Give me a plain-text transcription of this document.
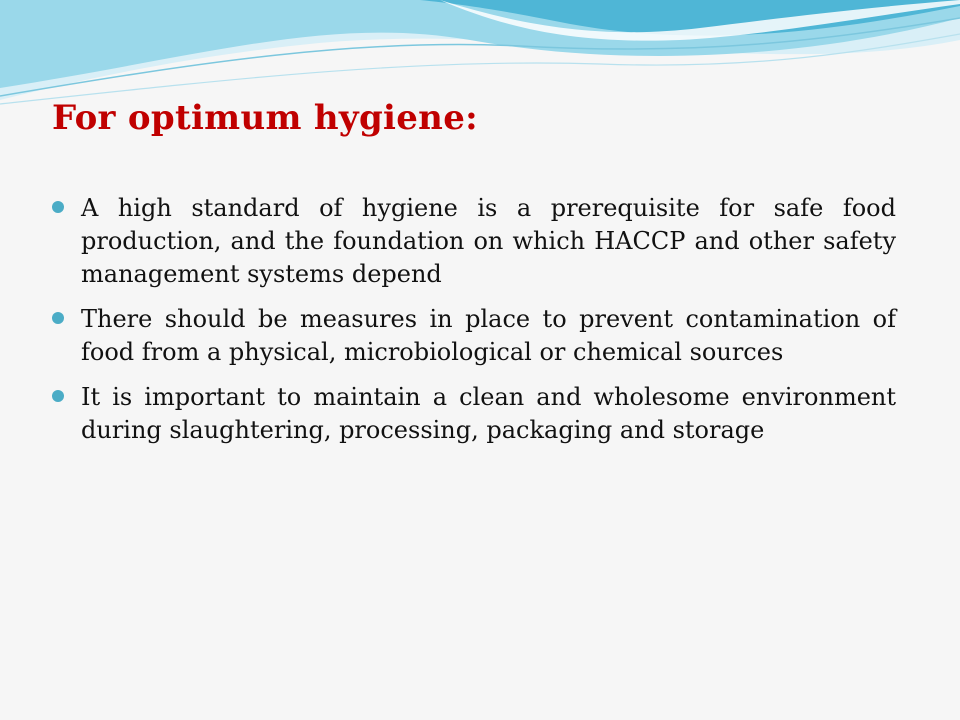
For optimum hygiene:
A high standard of hygiene is a prerequisite for safe food production, and the foundation on which HACCP and other safety management systems depend
There should be measures in place to prevent contamination of food from a physical, microbiological or chemical sources
It is important to maintain a clean and wholesome environment during slaughtering, processing, packaging and storage
